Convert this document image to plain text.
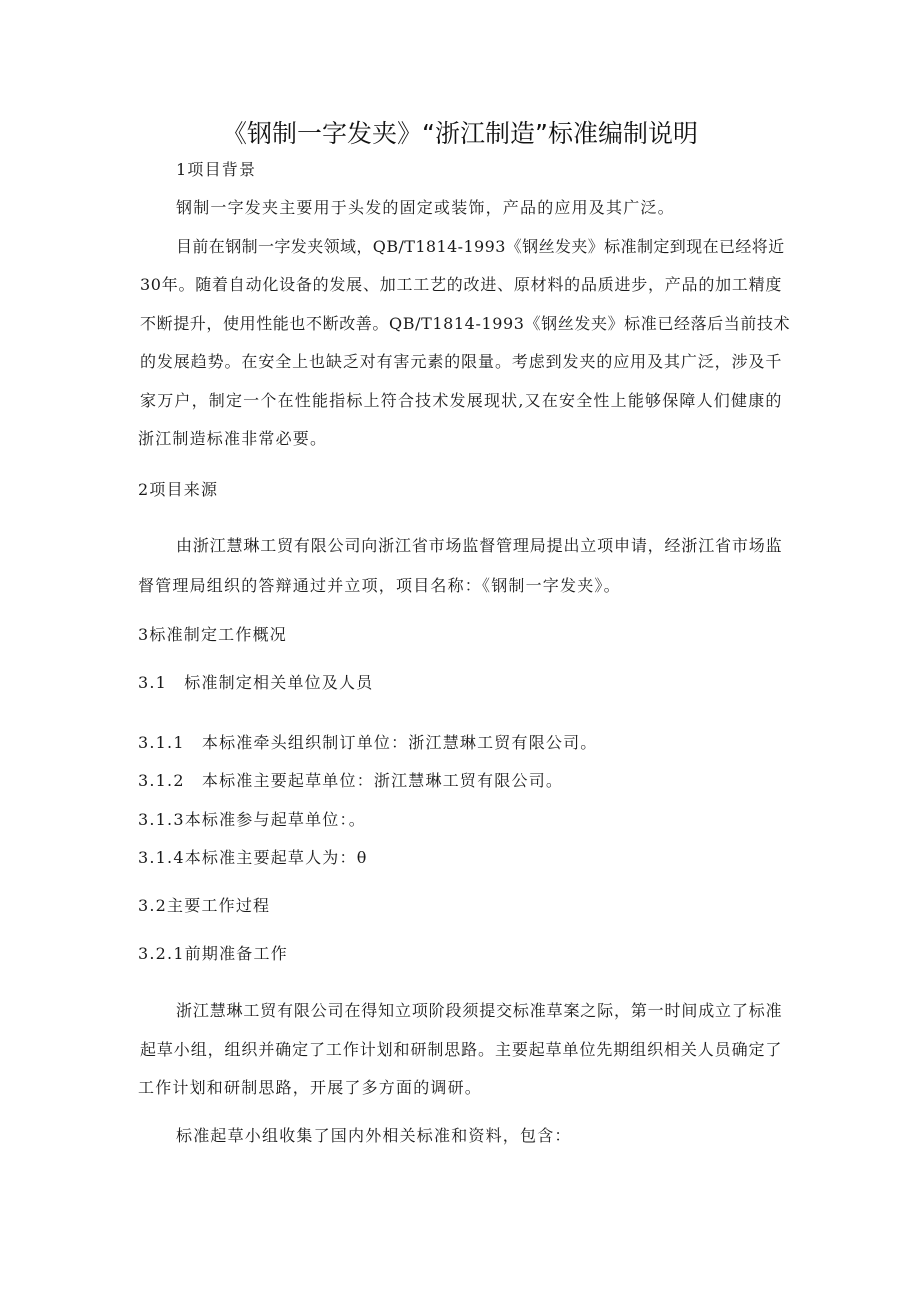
《钢制一字发夹》“浙江制造”标准编制说明

1项目背景

钢制一字发夹主要用于头发的固定或装饰，产品的应用及其广泛。

目前在钢制一字发夹领域，QB/T1814-1993《钢丝发夹》标准制定到现在已经将近

30年。随着自动化设备的发展、加工工艺的改进、原材料的品质进步，产品的加工精度

不断提升，使用性能也不断改善。QB/T1814-1993《钢丝发夹》标准已经落后当前技术

的发展趋势。在安全上也缺乏对有害元素的限量。考虑到发夹的应用及其广泛，涉及千

家万户，制定一个在性能指标上符合技术发展现状,又在安全性上能够保障人们健康的

浙江制造标准非常必要。

2项目来源

由浙江慧琳工贸有限公司向浙江省市场监督管理局提出立项申请，经浙江省市场监

督管理局组织的答辩通过并立项，项目名称：《钢制一字发夹》。

3标准制定工作概况

3.1　标准制定相关单位及人员

3.1.1　本标准牵头组织制订单位：浙江慧琳工贸有限公司。

3.1.2　本标准主要起草单位：浙江慧琳工贸有限公司。

3.1.3本标准参与起草单位：。

3.1.4本标准主要起草人为：θ

3.2主要工作过程

3.2.1前期准备工作

浙江慧琳工贸有限公司在得知立项阶段须提交标准草案之际，第一时间成立了标准

起草小组，组织并确定了工作计划和研制思路。主要起草单位先期组织相关人员确定了

工作计划和研制思路，开展了多方面的调研。

标准起草小组收集了国内外相关标准和资料，包含：
